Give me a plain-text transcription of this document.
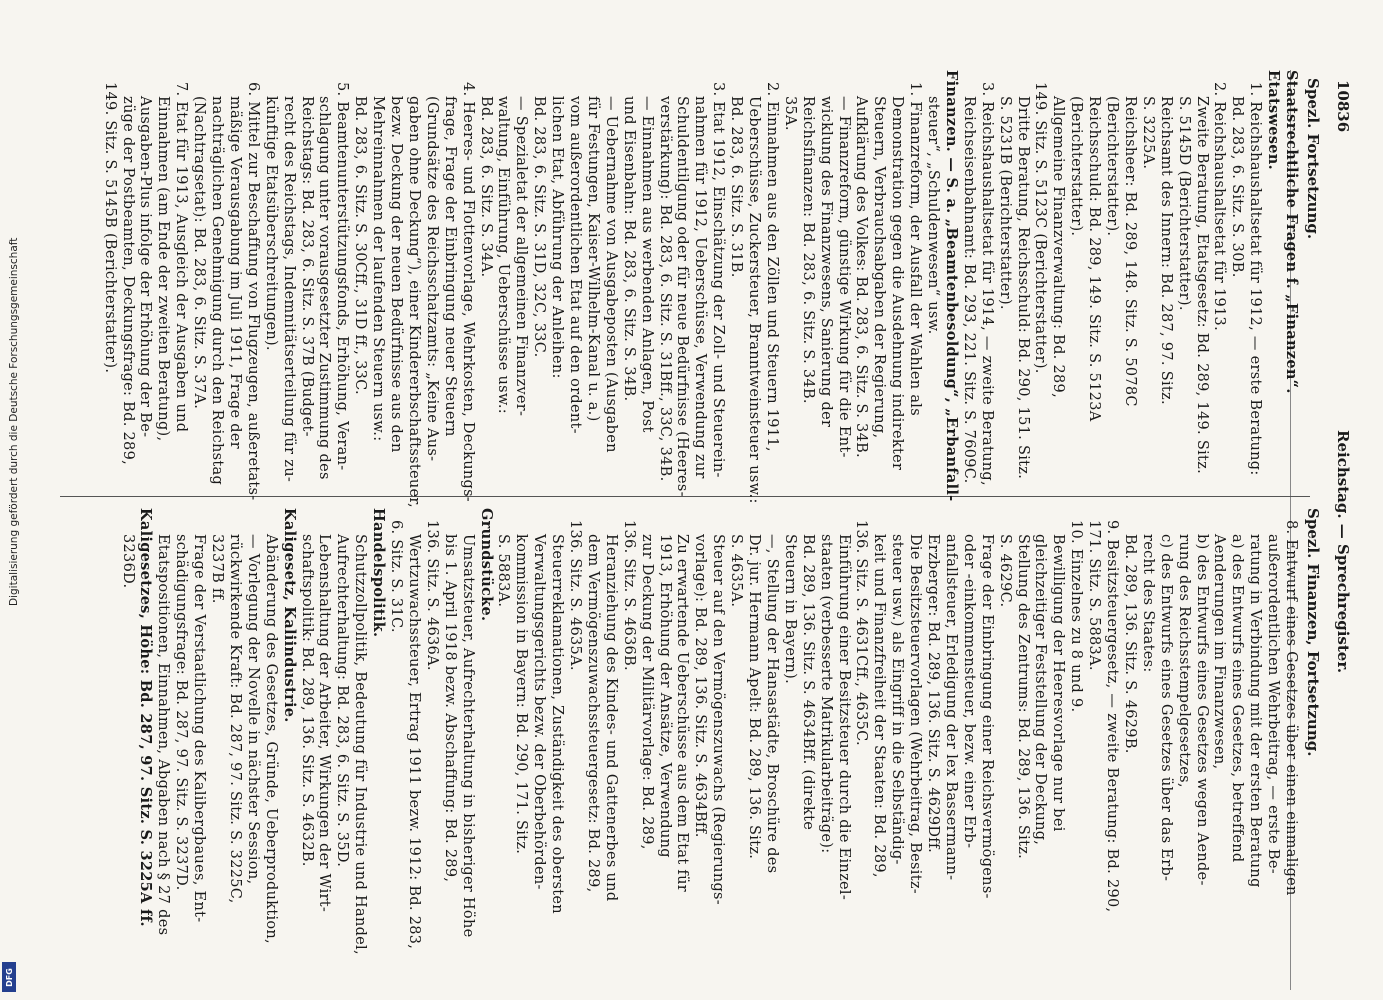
10836
Reichstag. — Sprechregister.
Spezl. Fortsetzung.
Spezl. Finanzen, Fortsetzung.
Staatsrechtliche Fragen f. „Finanzen“.
Etatswesen.
1. Reichshaushaltsetat für 1912, — erste Beratung:
Bd. 283, 6. Sitz. S. 30B.
2. Reichshaushaltsetat für 1913.
Zweite Beratung, Etatsgesetz: Bd. 289, 149. Sitz.
S. 5145D (Berichterstatter).
Reichsamt des Innern: Bd. 287, 97. Sitz.
S. 3225A.
Reichsheer: Bd. 289, 148. Sitz. S. 5078C
(Berichterstatter).
Reichsschuld: Bd. 289, 149. Sitz. S. 5123A
(Berichterstatter).
Allgemeine Finanzverwaltung: Bd. 289,
149. Sitz. S. 5123C (Berichterstatter).
Dritte Beratung, Reichsschuld: Bd. 290, 151. Sitz.
S. 5231B (Berichterstatter).
3. Reichshaushaltsetat für 1914, — zweite Beratung,
Reichseisenbahnamt: Bd. 293, 221. Sitz. S. 7609C.
Finanzen. — S. a. „Beamtenbesoldung“, „Erbanfall-
steuer“, „Schuldenwesen“ usw.
1. Finanzreform, der Ausfall der Wahlen als
Demonstration gegen die Ausdehnung indirekter
Steuern, Verbrauchsabgaben der Regierung,
Aufklärung des Volkes: Bd. 283, 6. Sitz. S. 34B.
— Finanzreform, günstige Wirkung für die Ent-
wicklung des Finanzwesens, Sanierung der
Reichsfinanzen: Bd. 283, 6. Sitz. S. 34B.
35A.
2. Einnahmen aus den Zöllen und Steuern 1911,
Ueberschüsse, Zuckersteuer, Branntweinsteuer usw.:
Bd. 283, 6. Sitz. S. 31B.
3. Etat 1912, Einschätzung der Zoll- und Steuerein-
nahmen für 1912, Ueberschüsse, Verwendung zur
Schuldentilgung oder für neue Bedürfnisse (Heeres-
verstärkung): Bd. 283, 6. Sitz. S. 31Bff., 33C, 34B.
— Einnahmen aus werbenden Anlagen, Post
und Eisenbahn: Bd. 283, 6. Sitz. S. 34B.
— Uebernahme von Ausgabeposten (Ausgaben
für Festungen, Kaiser-Wilhelm-Kanal u. a.)
vom außerordentlichen Etat auf den ordent-
lichen Etat, Abführung der Anleihen:
Bd. 283, 6. Sitz. S. 31D, 32C, 33C.
— Spezialetat der allgemeinen Finanzver-
waltung, Einführung, Ueberschüsse usw.:
Bd. 283, 6. Sitz. S. 34A.
4. Heeres- und Flottenvorlage, Wehrkosten, Deckungs-
frage, Frage der Einbringung neuer Steuern
(Grundsätze des Reichsschatzamts: „Keine Aus-
gaben ohne Deckung“), einer Kindererbschaftssteuer,
bezw. Deckung der neuen Bedürfnisse aus den
Mehreinnahmen der laufenden Steuern usw.:
Bd. 283, 6. Sitz. S. 30Cff., 31D ff., 33C.
5. Beamtenunterstützungsfonds, Erhöhung, Veran-
schlagung unter vorausgesetzter Zustimmung des
Reichstags: Bd. 283, 6. Sitz. S. 37B (Budget-
recht des Reichstags, Indemnitätserteilung für zu-
künftige Etatsüberschreitungen).
6. Mittel zur Beschaffung von Flugzeugen, außeretats-
mäßige Verausgabung im Juli 1911, Frage der
nachträglichen Genehmigung durch den Reichstag
(Nachtragsetat): Bd. 283, 6. Sitz. S. 37A.
7. Etat für 1913, Ausgleich der Ausgaben und
Einnahmen (am Ende der zweiten Beratung),
Ausgaben-Plus infolge der Erhöhung der Be-
züge der Postbeamten, Deckungsfrage: Bd. 289,
149. Sitz. S. 5145B (Berichterstatter).
8. Entwurf eines Gesetzes über einen einmaligen
außerordentlichen Wehrbeitrag, — erste Be-
ratung in Verbindung mit der ersten Beratung
a) des Entwurfs eines Gesetzes, betreffend
Aenderungen im Finanzwesen,
b) des Entwurfs eines Gesetzes wegen Aende-
rung des Reichsstempelgesetzes,
c) des Entwurfs eines Gesetzes über das Erb-
recht des Staates:
Bd. 289, 136. Sitz. S. 4629B.
9. Besitzsteuergesetz, — zweite Beratung: Bd. 290,
171. Sitz. S. 5883A.
10. Einzelnes zu 8 und 9.
Bewilligung der Heeresvorlage nur bei
gleichzeitiger Feststellung der Deckung,
Stellung des Zentrums: Bd. 289, 136. Sitz.
S. 4629C.
Frage der Einbringung einer Reichsvermögens-
oder -einkommensteuer, bezw. einer Erb-
anfallsteuer, Erledigung der lex Bassermann-
Erzberger: Bd. 289, 136. Sitz. S. 4629Dff.
Die Besitzsteuervorlagen (Wehrbeitrag, Besitz-
steuer usw.) als Eingriff in die Selbständig-
keit und Finanzfreiheit der Staaten: Bd. 289,
136. Sitz. S. 4631Cff., 4635C.
Einführung einer Besitzsteuer durch die Einzel-
staaten (verbesserte Matrikularbeiträge):
Bd. 289, 136. Sitz. S. 4634Bff. (direkte
Steuern in Bayern).
—, Stellung der Hansastädte, Broschüre des
Dr. jur. Hermann Apelt: Bd. 289, 136. Sitz.
S. 4635A.
Steuer auf den Vermögenszuwachs (Regierungs-
vorlage): Bd. 289, 136. Sitz. S. 4634Bff.
Zu erwartende Ueberschüsse aus dem Etat für
1913, Erhöhung der Ansätze, Verwendung
zur Deckung der Militärvorlage: Bd. 289,
136. Sitz. S. 4636B.
Heranziehung des Kindes- und Gattenerbes und
dem Vermögenszuwachssteuergesetz: Bd. 289,
136. Sitz. S. 4635A.
Steuerreklamationen, Zuständigkeit des obersten
Verwaltungsgerichts bezw. der Oberbehörden-
kommission in Bayern: Bd. 290, 171. Sitz.
S. 5883A.
Grundstücke.
Umsatzsteuer, Aufrechterhaltung in bisheriger Höhe
bis 1. April 1918 bezw. Abschaffung: Bd. 289,
136. Sitz. S. 4636A.
Wertzuwachssteuer, Ertrag 1911 bezw. 1912: Bd. 283,
6. Sitz. S. 31C.
Handelspolitik.
Schutzzollpolitik, Bedeutung für Industrie und Handel,
Aufrechterhaltung: Bd. 283, 6. Sitz. S. 35D.
Lebenshaltung der Arbeiter, Wirkungen der Wirt-
schaftspolitik: Bd. 289, 136. Sitz. S. 4632B.
Kaligesetz, Kaliindustrie.
Abänderung des Gesetzes, Gründe, Ueberproduktion,
— Vorlegung der Novelle in nächster Session,
rückwirkende Kraft: Bd. 287, 97. Sitz. S. 3225C,
3237B ff.
Frage der Verstaatlichung des Kalibergbaues, Ent-
schädigungsfrage: Bd. 287, 97. Sitz. S. 3237D.
Etatspositionen, Einnahmen, Abgaben nach § 27 des
Kaligesetzes, Höhe: Bd. 287, 97. Sitz. S. 3225A ff.
3236D.
Digitalisierung gefördert durch die Deutsche Forschungsgemeinschaft
DFG
